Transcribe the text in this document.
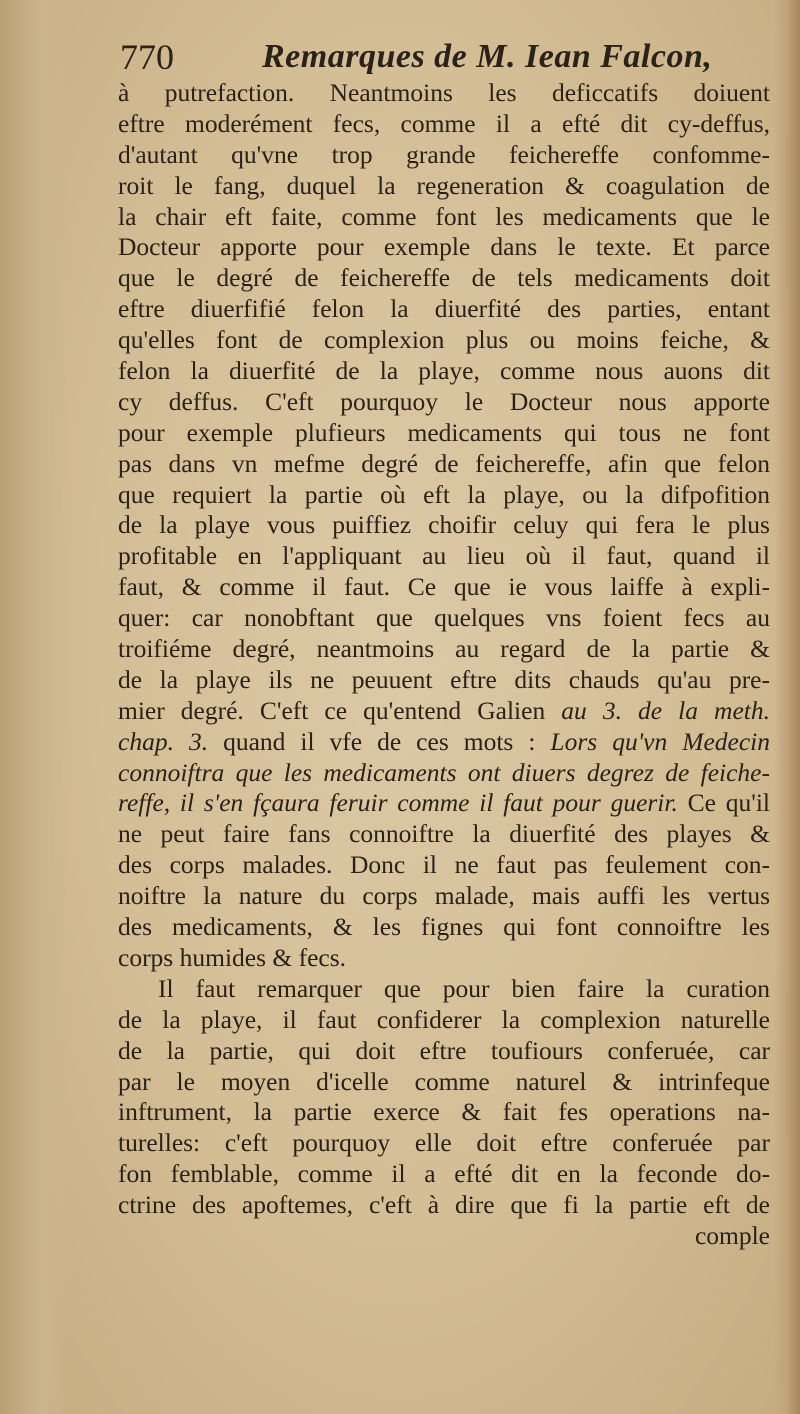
770	Remarques de M. Iean Falcon,
à putrefaction. Neantmoins les deficcatifs doiuent
eftre moderément fecs, comme il a efté dit cy-deffus,
d'autant qu'vne trop grande feichereffe confomme-
roit le fang, duquel la regeneration & coagulation de
la chair eft faite, comme font les medicaments que le
Docteur apporte pour exemple dans le texte. Et parce
que le degré de feichereffe de tels medicaments doit
eftre diuerfifié felon la diuerfité des parties, entant
qu'elles font de complexion plus ou moins feiche, &
felon la diuerfité de la playe, comme nous auons dit
cy deffus. C'eft pourquoy le Docteur nous apporte
pour exemple plufieurs medicaments qui tous ne font
pas dans vn mefme degré de feichereffe, afin que felon
que requiert la partie où eft la playe, ou la difpofition
de la playe vous puiffiez choifir celuy qui fera le plus
profitable en l'appliquant au lieu où il faut, quand il
faut, & comme il faut. Ce que ie vous laiffe à expli-
quer: car nonobftant que quelques vns foient fecs au
troifiéme degré, neantmoins au regard de la partie &
de la playe ils ne peuuent eftre dits chauds qu'au pre-
mier degré. C'eft ce qu'entend Galien au 3. de la meth.
chap. 3. quand il vfe de ces mots : Lors qu'vn Medecin
connoiftra que les medicaments ont diuers degrez de feiche-
reffe, il s'en fçaura feruir comme il faut pour guerir. Ce qu'il
ne peut faire fans connoiftre la diuerfité des playes &
des corps malades. Donc il ne faut pas feulement con-
noiftre la nature du corps malade, mais auffi les vertus
des medicaments, & les fignes qui font connoiftre les
corps humides & fecs.
Il faut remarquer que pour bien faire la curation
de la playe, il faut confiderer la complexion naturelle
de la partie, qui doit eftre toufiours conferuée, car
par le moyen d'icelle comme naturel & intrinfeque
inftrument, la partie exerce & fait fes operations na-
turelles: c'eft pourquoy elle doit eftre conferuée par
fon femblable, comme il a efté dit en la feconde do-
ctrine des apoftemes, c'eft à dire que fi la partie eft de
comple
